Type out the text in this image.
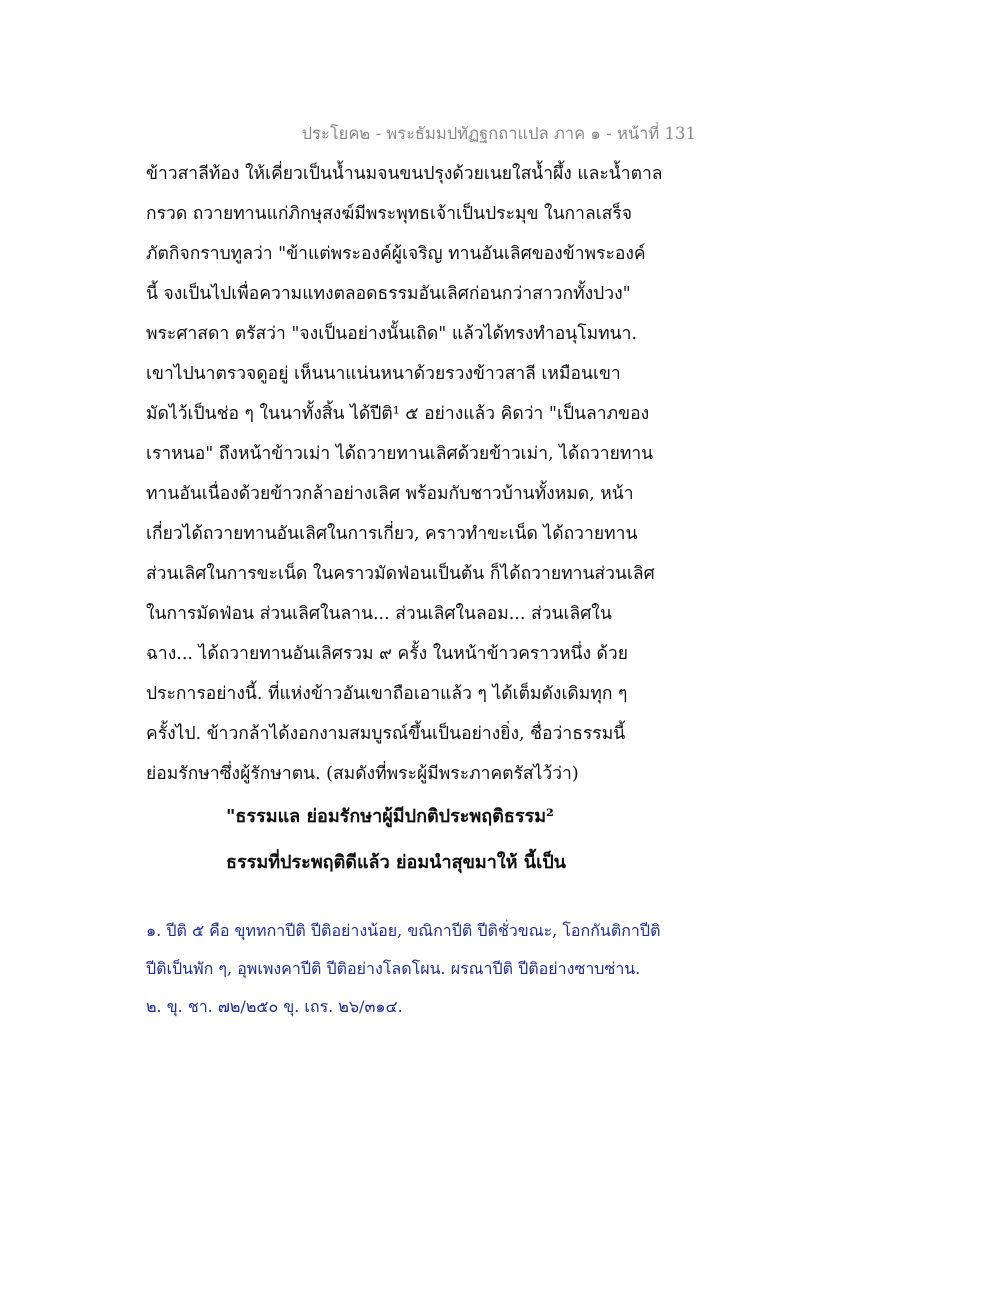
ประโยค๒ - พระธัมมปทัฏฐกถาแปล ภาค ๑ - หน้าที่ 131
ข้าวสาลีท้อง ให้เคี่ยวเป็นน้ำนมจนขนปรุงด้วยเนยใสน้ำผึ้ง และน้ำตาล
กรวด ถวายทานแก่ภิกษุสงฆ์มีพระพุทธเจ้าเป็นประมุข ในกาลเสร็จ
ภัตกิจกราบทูลว่า "ข้าแต่พระองค์ผู้เจริญ ทานอันเลิศของข้าพระองค์
นี้ จงเป็นไปเพื่อความแทงตลอดธรรมอันเลิศก่อนกว่าสาวกทั้งปวง"
พระศาสดา ตรัสว่า "จงเป็นอย่างนั้นเถิด" แล้วได้ทรงทำอนุโมทนา.
เขาไปนาตรวจดูอยู่ เห็นนาแน่นหนาด้วยรวงข้าวสาลี เหมือนเขา
มัดไว้เป็นช่อ ๆ ในนาทั้งสิ้น ได้ปีติ¹ ๕ อย่างแล้ว คิดว่า "เป็นลาภของ
เราหนอ" ถึงหน้าข้าวเม่า ได้ถวายทานเลิศด้วยข้าวเม่า, ได้ถวายทาน
ทานอันเนื่องด้วยข้าวกล้าอย่างเลิศ พร้อมกับชาวบ้านทั้งหมด, หน้า
เกี่ยวได้ถวายทานอันเลิศในการเกี่ยว, คราวทำขะเน็ด ได้ถวายทาน
ส่วนเลิศในการขะเน็ด ในคราวมัดฟ่อนเป็นต้น ก็ได้ถวายทานส่วนเลิศ
ในการมัดฟ่อน ส่วนเลิศในลาน... ส่วนเลิศในลอม... ส่วนเลิศใน
ฉาง... ได้ถวายทานอันเลิศรวม ๙ ครั้ง ในหน้าข้าวคราวหนึ่ง ด้วย
ประการอย่างนี้. ที่แห่งข้าวอันเขาถือเอาแล้ว ๆ ได้เต็มดังเดิมทุก ๆ
ครั้งไป. ข้าวกล้าได้งอกงามสมบูรณ์ขึ้นเป็นอย่างยิ่ง, ชื่อว่าธรรมนี้
ย่อมรักษาซึ่งผู้รักษาตน. (สมดังที่พระผู้มีพระภาคตรัสไว้ว่า)
"ธรรมแล ย่อมรักษาผู้มีปกติประพฤติธรรม²
ธรรมที่ประพฤติดีแล้ว ย่อมนำสุขมาให้ นี้เป็น
๑. ปีติ ๕ คือ ขุททกาปีติ ปีติอย่างน้อย, ขณิกาปีติ ปีติชั่วขณะ, โอกกันติกาปีติ
ปีติเป็นพัก ๆ, อุพเพงคาปีติ ปีติอย่างโลดโผน. ผรณาปีติ ปีติอย่างซาบซ่าน.
๒. ขุ. ชา. ๗๒/๒๕๐ ขุ. เถร. ๒๖/๓๑๔.
